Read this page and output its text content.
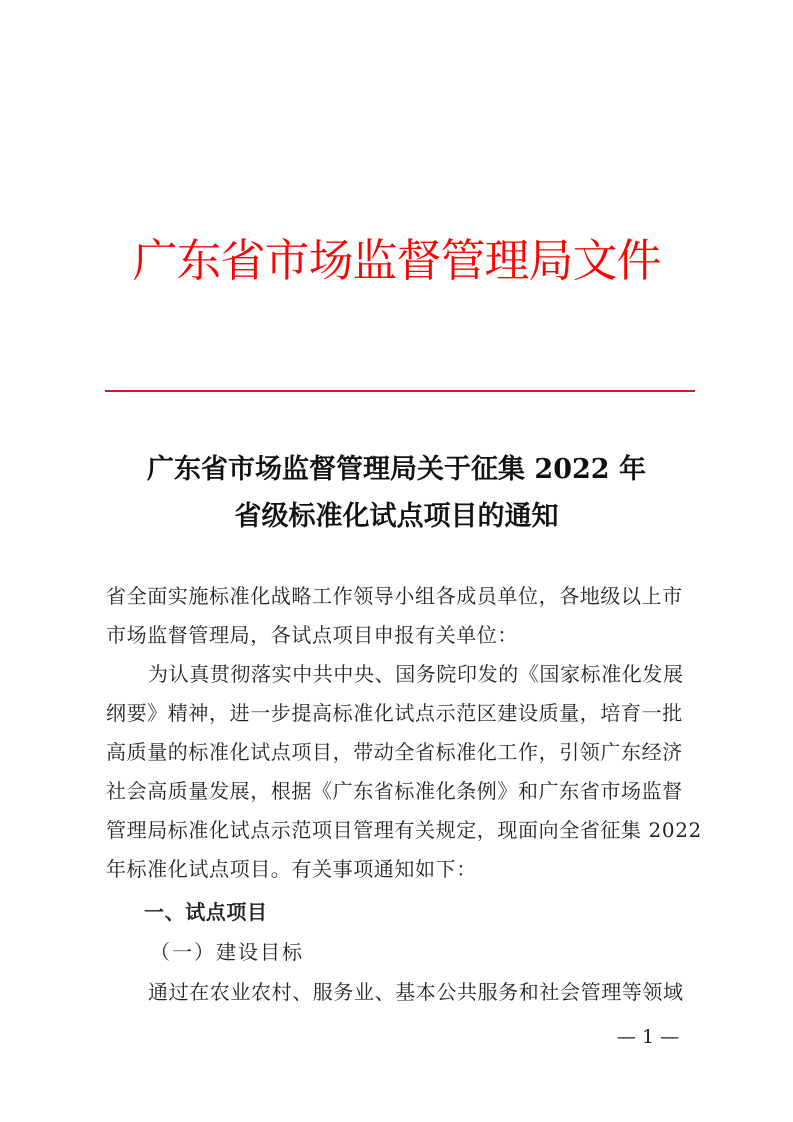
广东省市场监督管理局文件
广东省市场监督管理局关于征集 2022 年
省级标准化试点项目的通知
省全面实施标准化战略工作领导小组各成员单位，各地级以上市
市场监督管理局，各试点项目申报有关单位：
为认真贯彻落实中共中央、国务院印发的《国家标准化发展
纲要》精神，进一步提高标准化试点示范区建设质量，培育一批
高质量的标准化试点项目，带动全省标准化工作，引领广东经济
社会高质量发展，根据《广东省标准化条例》和广东省市场监督
管理局标准化试点示范项目管理有关规定，现面向全省征集 2022
年标准化试点项目。有关事项通知如下：
一、试点项目
（一）建设目标
通过在农业农村、服务业、基本公共服务和社会管理等领域
— 1 —
